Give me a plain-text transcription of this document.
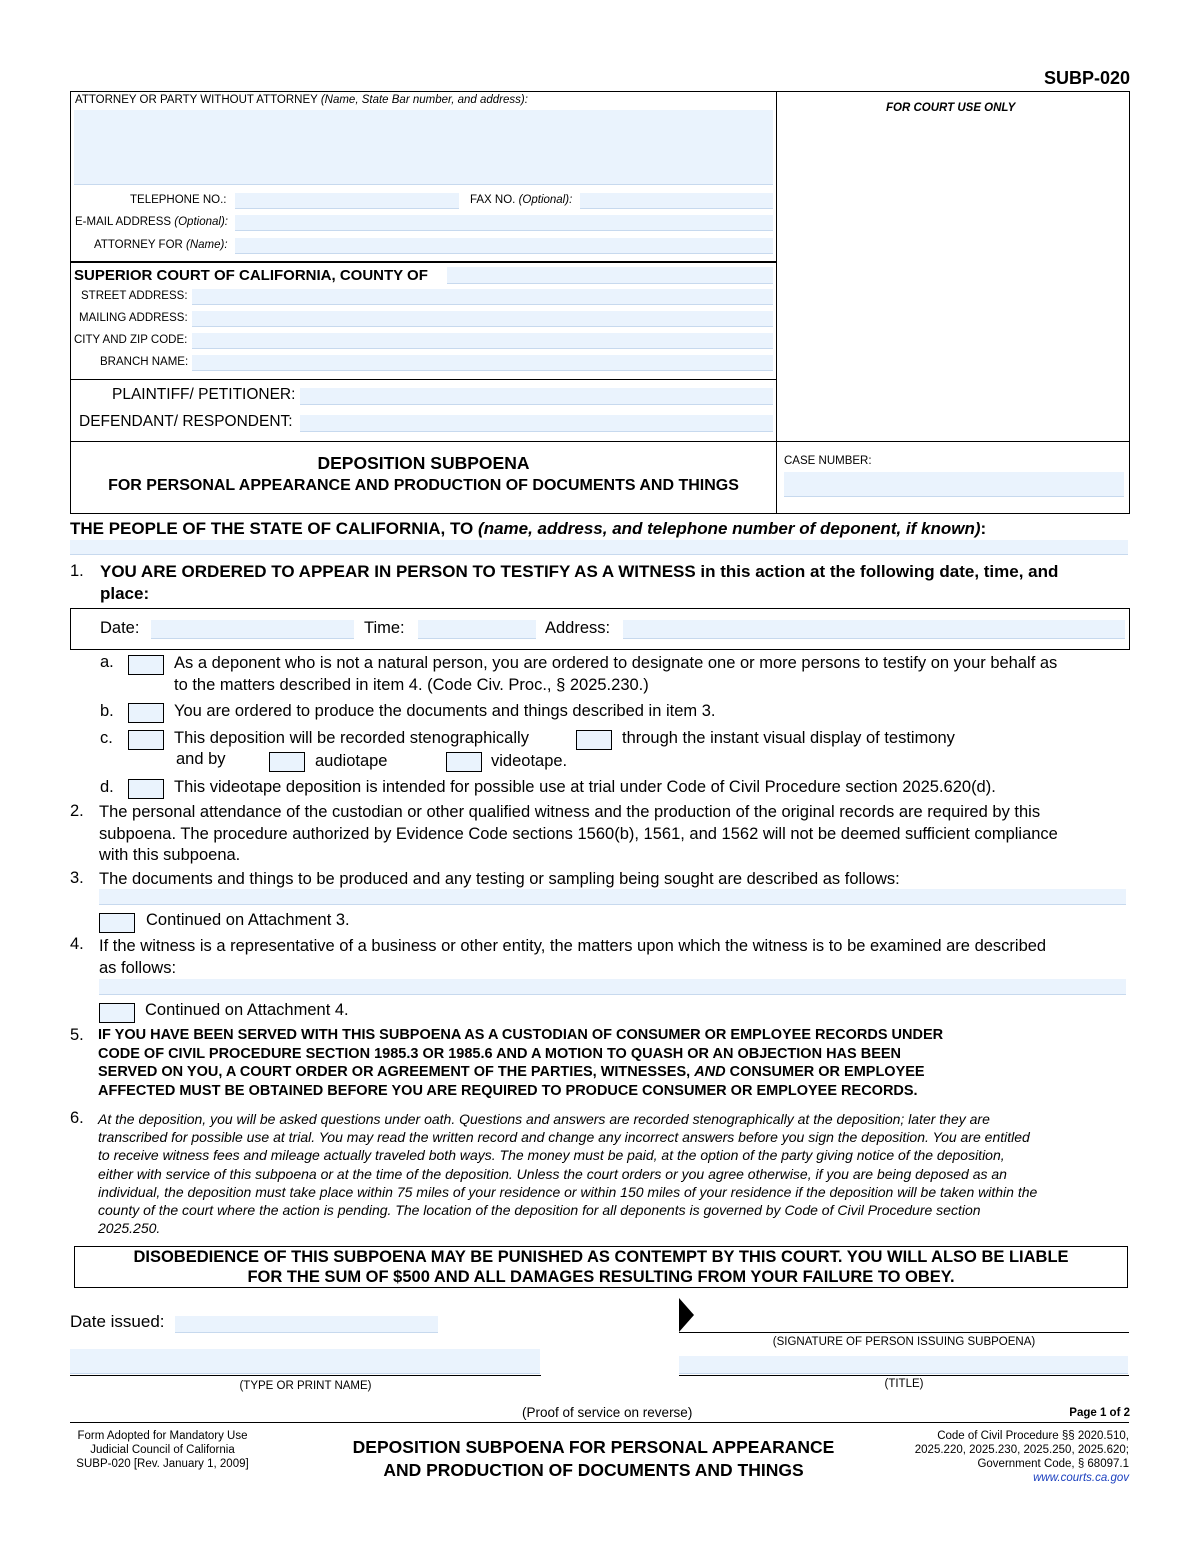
SUBP-020
ATTORNEY OR PARTY WITHOUT ATTORNEY (Name, State Bar number, and address):
TELEPHONE NO.:	FAX NO. (Optional):
E-MAIL ADDRESS (Optional):
ATTORNEY FOR (Name):
FOR COURT USE ONLY
SUPERIOR COURT OF CALIFORNIA, COUNTY OF
STREET ADDRESS:
MAILING ADDRESS:
CITY AND ZIP CODE:
BRANCH NAME:
PLAINTIFF/ PETITIONER:
DEFENDANT/ RESPONDENT:
DEPOSITION SUBPOENA
FOR PERSONAL APPEARANCE AND PRODUCTION OF DOCUMENTS AND THINGS
CASE NUMBER:
THE PEOPLE OF THE STATE OF CALIFORNIA, TO (name, address, and telephone number of deponent, if known):
1. YOU ARE ORDERED TO APPEAR IN PERSON TO TESTIFY AS A WITNESS in this action at the following date, time, and
place:
Date:	Time:	Address:
a.	As a deponent who is not a natural person, you are ordered to designate one or more persons to testify on your behalf as
to the matters described in item 4. (Code Civ. Proc., § 2025.230.)
b.	You are ordered to produce the documents and things described in item 3.
c.	This deposition will be recorded stenographically	through the instant visual display of testimony
and by	audiotape	videotape.
d.	This videotape deposition is intended for possible use at trial under Code of Civil Procedure section 2025.620(d).
2. The personal attendance of the custodian or other qualified witness and the production of the original records are required by this
subpoena. The procedure authorized by Evidence Code sections 1560(b), 1561, and 1562 will not be deemed sufficient compliance
with this subpoena.
3. The documents and things to be produced and any testing or sampling being sought are described as follows:
Continued on Attachment 3.
4. If the witness is a representative of a business or other entity, the matters upon which the witness is to be examined are described
as follows:
Continued on Attachment 4.
5. IF YOU HAVE BEEN SERVED WITH THIS SUBPOENA AS A CUSTODIAN OF CONSUMER OR EMPLOYEE RECORDS UNDER
CODE OF CIVIL PROCEDURE SECTION 1985.3 OR 1985.6 AND A MOTION TO QUASH OR AN OBJECTION HAS BEEN
SERVED ON YOU, A COURT ORDER OR AGREEMENT OF THE PARTIES, WITNESSES, AND CONSUMER OR EMPLOYEE
AFFECTED MUST BE OBTAINED BEFORE YOU ARE REQUIRED TO PRODUCE CONSUMER OR EMPLOYEE RECORDS.
6. At the deposition, you will be asked questions under oath. Questions and answers are recorded stenographically at the deposition; later they are
transcribed for possible use at trial. You may read the written record and change any incorrect answers before you sign the deposition. You are entitled
to receive witness fees and mileage actually traveled both ways. The money must be paid, at the option of the party giving notice of the deposition,
either with service of this subpoena or at the time of the deposition. Unless the court orders or you agree otherwise, if you are being deposed as an
individual, the deposition must take place within 75 miles of your residence or within 150 miles of your residence if the deposition will be taken within the
county of the court where the action is pending. The location of the deposition for all deponents is governed by Code of Civil Procedure section
2025.250.
DISOBEDIENCE OF THIS SUBPOENA MAY BE PUNISHED AS CONTEMPT BY THIS COURT. YOU WILL ALSO BE LIABLE
FOR THE SUM OF $500 AND ALL DAMAGES RESULTING FROM YOUR FAILURE TO OBEY.
Date issued:
(SIGNATURE OF PERSON ISSUING SUBPOENA)
(TYPE OR PRINT NAME)	(TITLE)
(Proof of service on reverse)	Page 1 of 2
Form Adopted for Mandatory Use
Judicial Council of California
SUBP-020 [Rev. January 1, 2009]
DEPOSITION SUBPOENA FOR PERSONAL APPEARANCE
AND PRODUCTION OF DOCUMENTS AND THINGS
Code of Civil Procedure §§ 2020.510,
2025.220, 2025.230, 2025.250, 2025.620;
Government Code, § 68097.1
www.courts.ca.gov
